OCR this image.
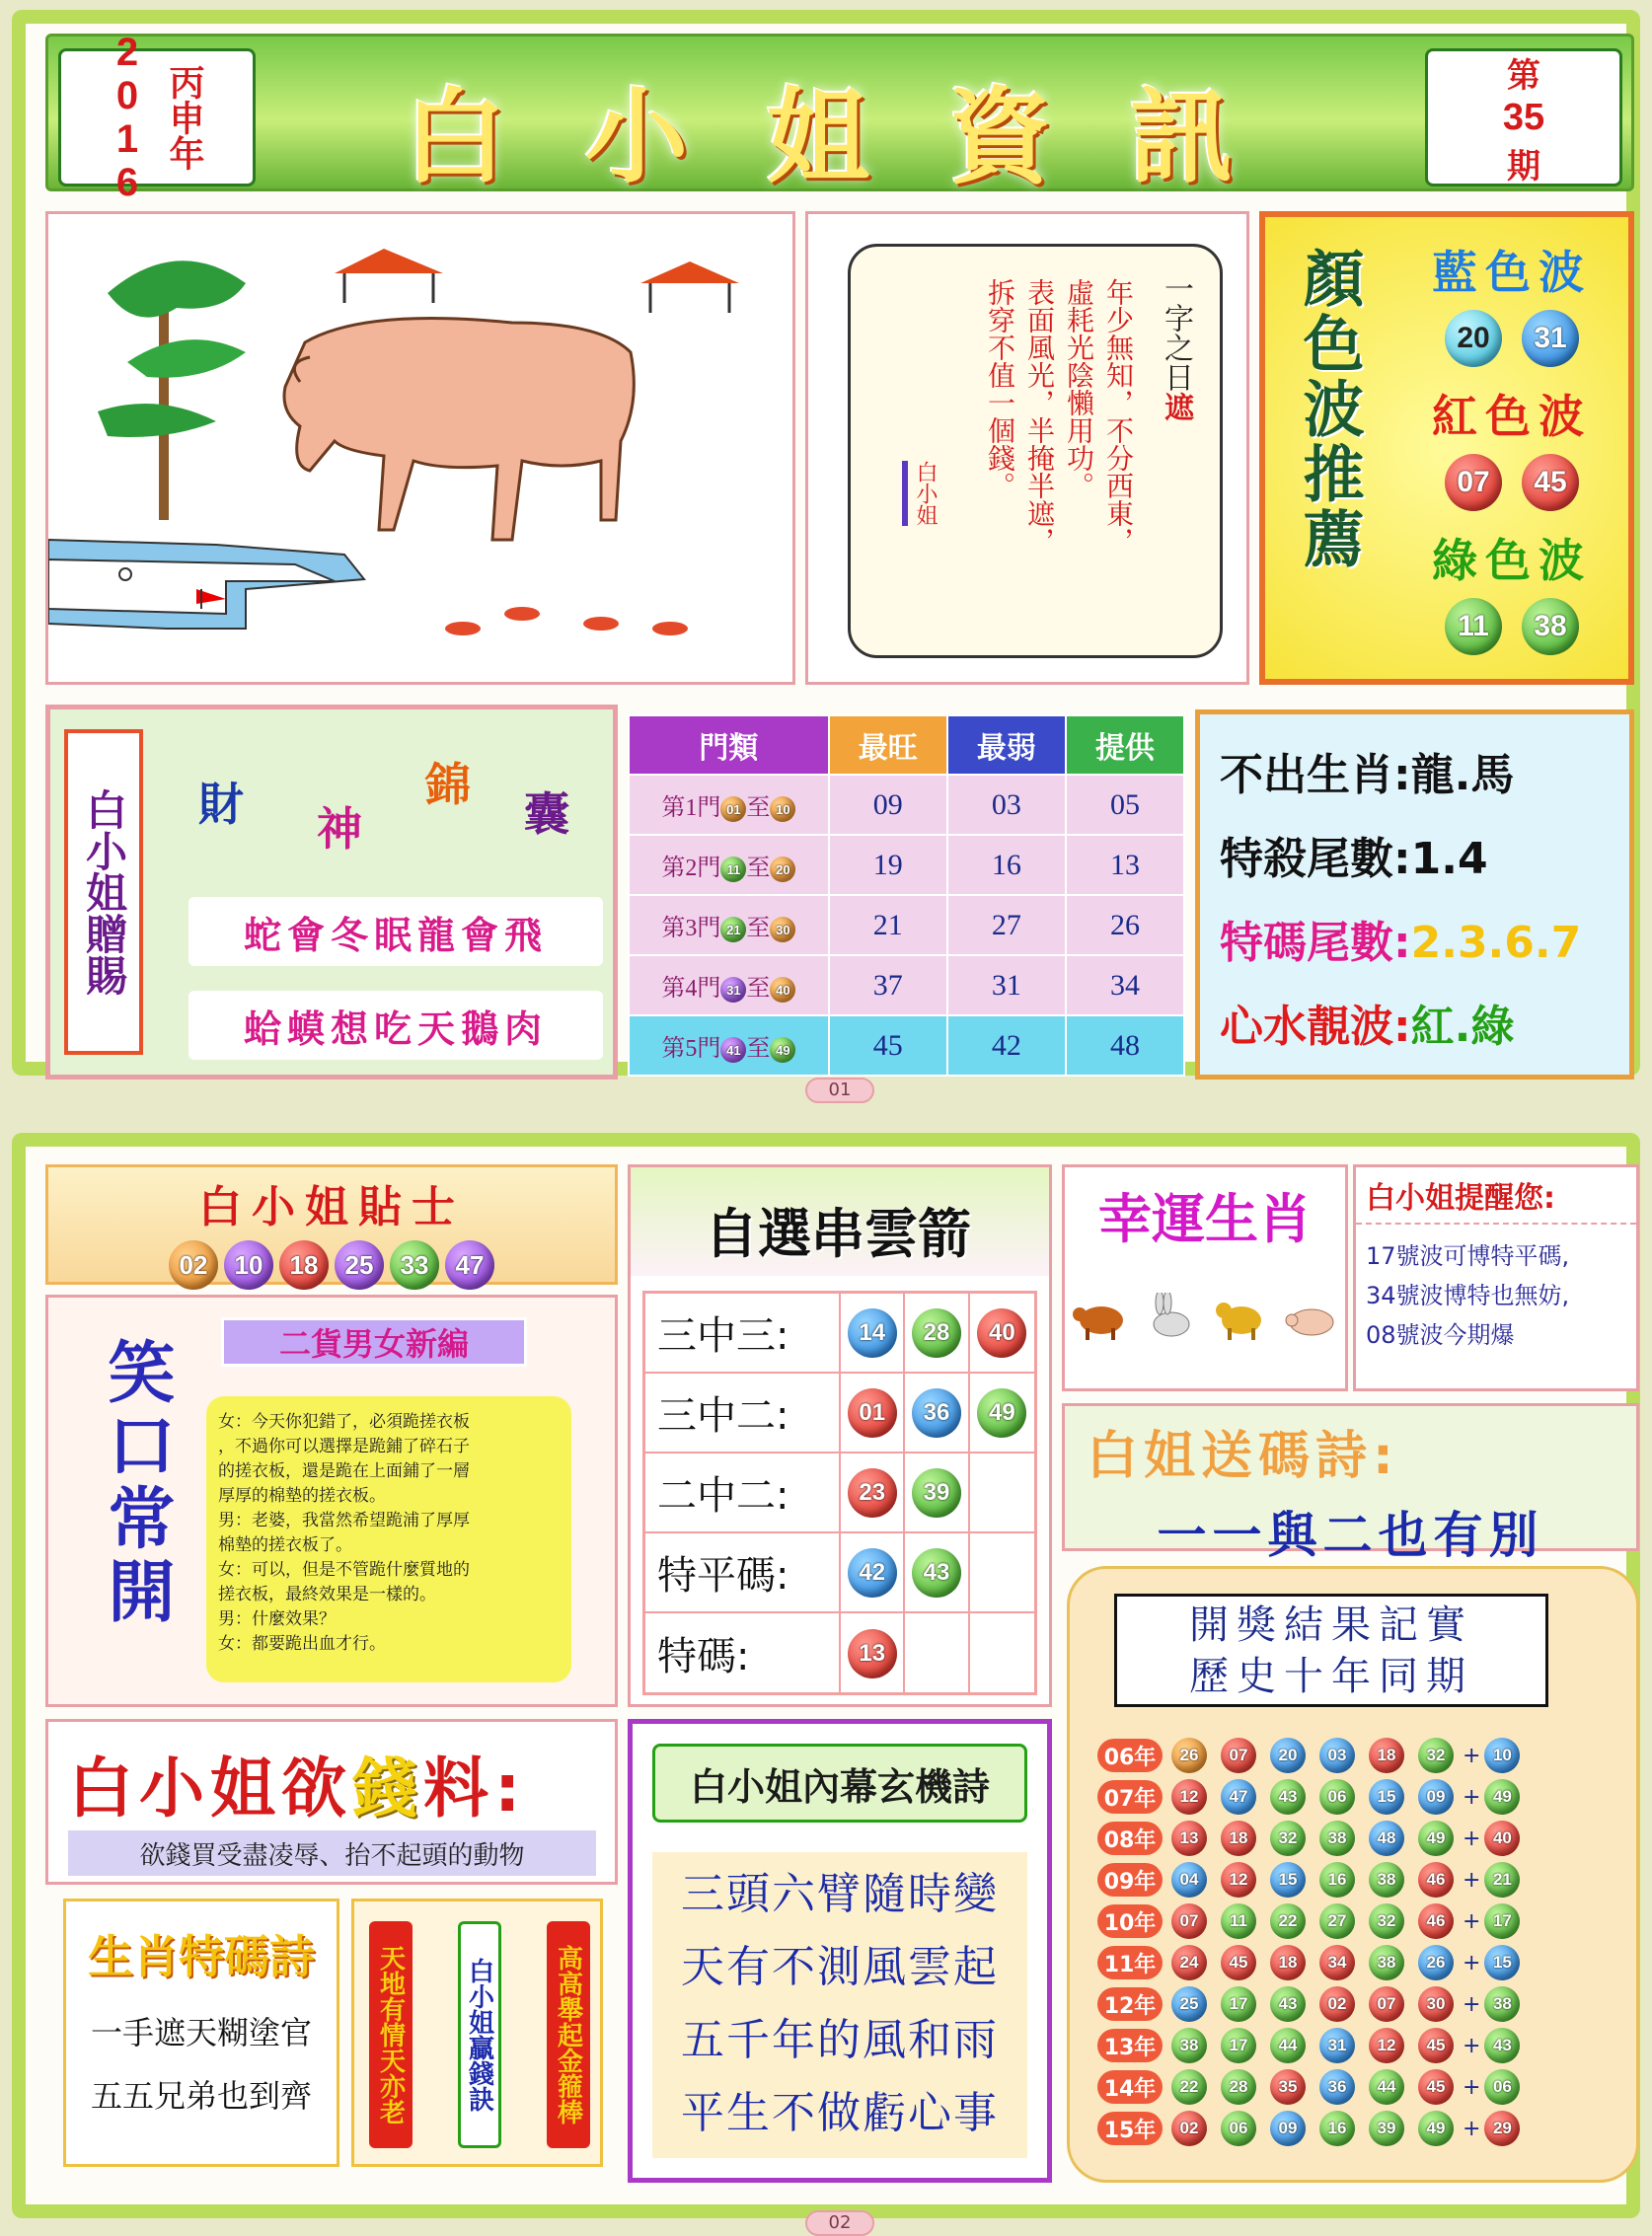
2016 丙申年 白 小 姐 資 訊
第
35
期
一字之日遮
年少無知，不分西東，
虛耗光陰懶用功。
表面風光，半掩半遮，
拆穿不值一個錢。
白小姐	顏色波推薦	藍色波
20	31
紅色波
07	45
綠色波
11	38
白小姐贈賜 財 神
錦
囊
蛇會冬眠龍會飛
蛤蟆想吃天鵝肉
門類	最旺	最弱	提供
第1門 01 至 10	09	03	05
第2門 11 至 20	19	16	13
第3門 21 至 30	21	27	26
第4門 31 至 40	37	31	34
第5門 41 至 49	45	42	48
不出生肖:龍.馬
特殺尾數:1.4
特碼尾數:2.3.6.7
心水靚波:紅.綠
01
白小姐貼士
02	10	18	25	33	47
笑口常開	二貨男女新編
女：今天你犯錯了，必須跪搓衣板
，不過你可以選擇是跪鋪了碎石子
的搓衣板，還是跪在上面鋪了一層
厚厚的棉墊的搓衣板。
男：老婆，我當然希望跪浦了厚厚
棉墊的搓衣板了。
女：可以，但是不管跪什麼質地的
搓衣板，最終效果是一樣的。
男：什麼效果？
女：都要跪出血才行。
自選串雲箭
三中三:	14	28	40
三中二:	01	36	49
二中二:	23	39
特平碼:	42	43
特碼:	13
幸運生肖	白小姐提醒您:
17號波可博特平碼,
34號波博特也無妨,
08號波今期爆
白姐送碼詩:
一一與二也有別
白小姐欲錢料:
欲錢買受盡凌辱、抬不起頭的動物
生肖特碼詩
一手遮天糊塗官
五五兄弟也到齊	天地有情天亦老 白小姐贏錢訣 高高舉起金箍棒
白小姐內幕玄機詩
三頭六臂隨時變
天有不測風雲起
五千年的風和雨
平生不做虧心事
開獎結果記實
歷史十年同期
06年	26	07	20	03	18	32 + 10
07年	12	47	43	06	15	09 + 49
08年	13	18	32	38	48	49 + 40
09年	04	12	15	16	38	46 + 21
10年	07	11	22	27	32	46 + 17
11年	24	45	18	34	38	26 + 15
12年	25	17	43	02	07	30 + 38
13年	38	17	44	31	12	45 + 43
14年	22	28	35	36	44	45 + 06
15年	02	06	09	16	39	49 + 29
02
